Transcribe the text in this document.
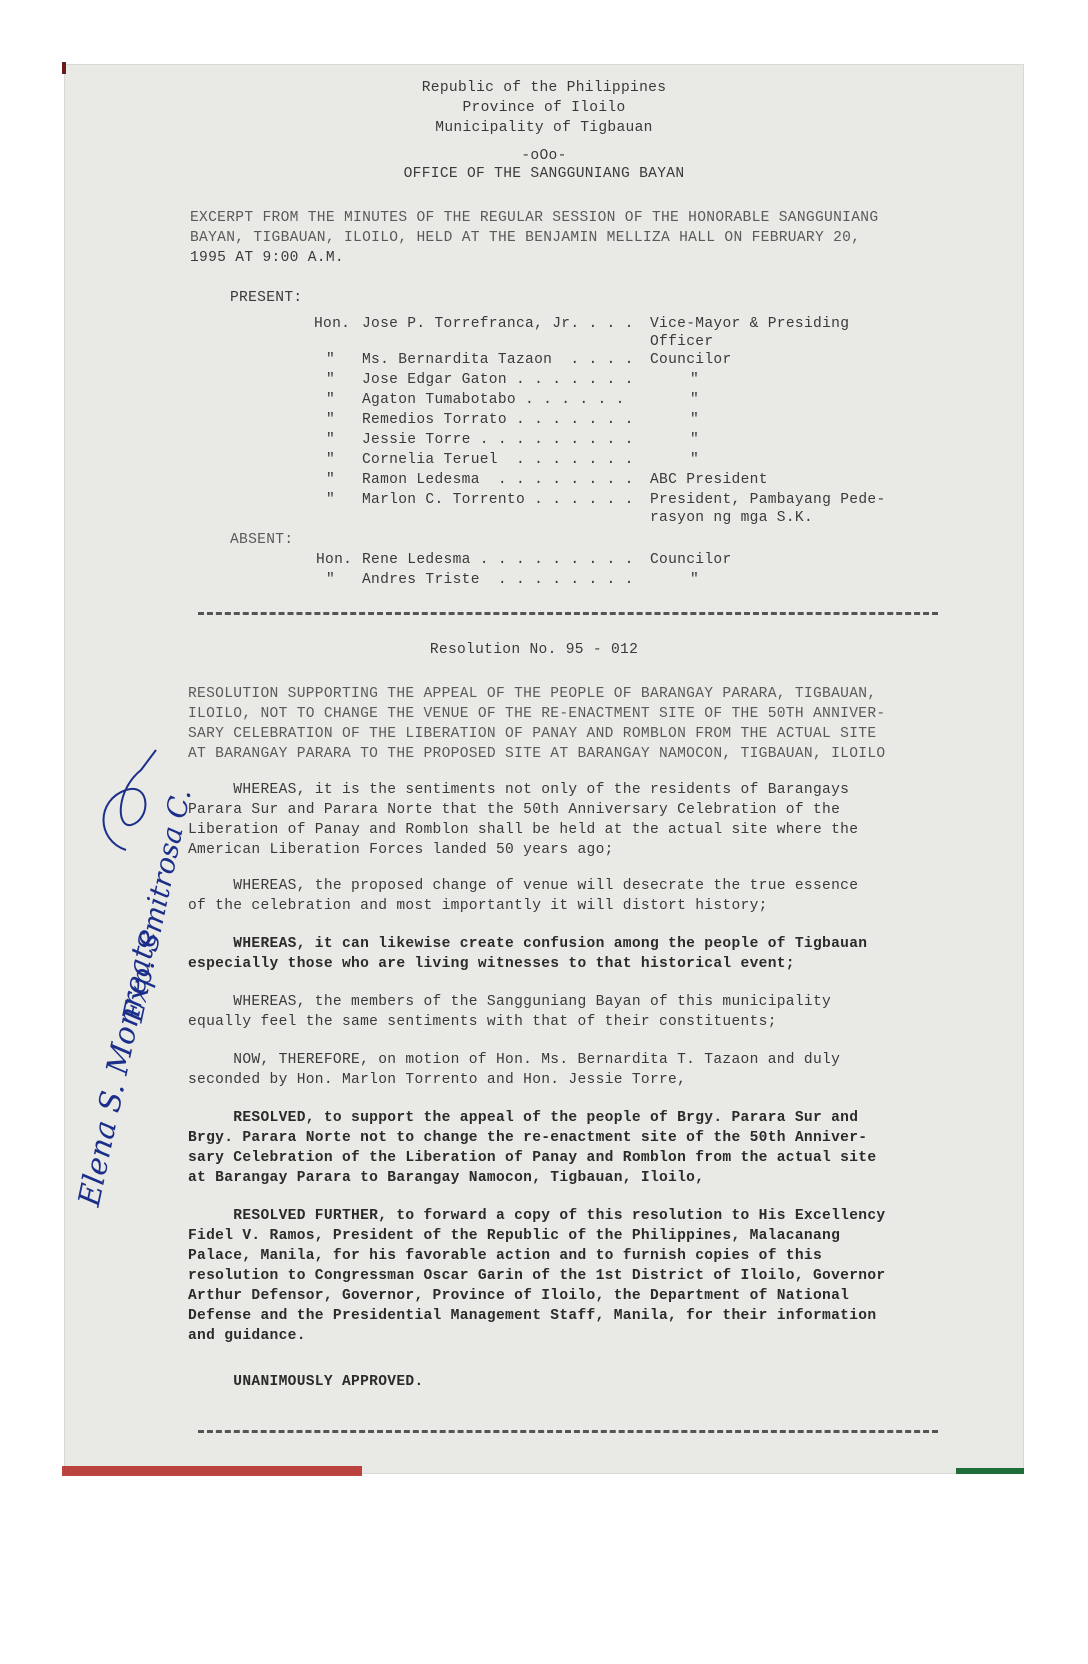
Republic of the Philippines
Province of Iloilo
Municipality of Tigbauan
-oOo-
OFFICE OF THE SANGGUNIANG BAYAN
EXCERPT FROM THE MINUTES OF THE REGULAR SESSION OF THE HONORABLE SANGGUNIANG
BAYAN, TIGBAUAN, ILOILO, HELD AT THE BENJAMIN MELLIZA HALL ON FEBRUARY 20,
1995 AT 9:00 A.M.
PRESENT:
Hon. Jose P. Torrefranca, Jr. . . . Vice-Mayor & Presiding
Officer
" Ms. Bernardita Tazaon  . . . . Councilor
" Jose Edgar Gaton . . . . . . .	"
" Agaton Tumabotabo . . . . . .	"
" Remedios Torrato . . . . . . .	"
" Jessie Torre . . . . . . . . .	"
" Cornelia Teruel  . . . . . . .	"
" Ramon Ledesma  . . . . . . . . ABC President
" Marlon C. Torrento . . . . . . President, Pambayang Pede-
rasyon ng mga S.K.
ABSENT:
Hon. Rene Ledesma . . . . . . . . . Councilor
" Andres Triste  . . . . . . . .	"
Resolution No. 95 - 012
RESOLUTION SUPPORTING THE APPEAL OF THE PEOPLE OF BARANGAY PARARA, TIGBAUAN,
ILOILO, NOT TO CHANGE THE VENUE OF THE RE-ENACTMENT SITE OF THE 50TH ANNIVER-
SARY CELEBRATION OF THE LIBERATION OF PANAY AND ROMBLON FROM THE ACTUAL SITE
AT BARANGAY PARARA TO THE PROPOSED SITE AT BARANGAY NAMOCON, TIGBAUAN, ILOILO
WHEREAS, it is the sentiments not only of the residents of Barangays
Parara Sur and Parara Norte that the 50th Anniversary Celebration of the
Liberation of Panay and Romblon shall be held at the actual site where the
American Liberation Forces landed 50 years ago;
WHEREAS, the proposed change of venue will desecrate the true essence
of the celebration and most importantly it will distort history;
WHEREAS, it can likewise create confusion among the people of Tigbauan
especially those who are living witnesses to that historical event;
WHEREAS, the members of the Sangguniang Bayan of this municipality
equally feel the same sentiments with that of their constituents;
NOW, THEREFORE, on motion of Hon. Ms. Bernardita T. Tazaon and duly
seconded by Hon. Marlon Torrento and Hon. Jessie Torre,
RESOLVED, to support the appeal of the people of Brgy. Parara Sur and
Brgy. Parara Norte not to change the re-enactment site of the 50th Anniver-
sary Celebration of the Liberation of Panay and Romblon from the actual site
at Barangay Parara to Barangay Namocon, Tigbauan, Iloilo,
RESOLVED FURTHER, to forward a copy of this resolution to His Excellency
Fidel V. Ramos, President of the Republic of the Philippines, Malacanang
Palace, Manila, for his favorable action and to furnish copies of this
resolution to Congressman Oscar Garin of the 1st District of Iloilo, Governor
Arthur Defensor, Governor, Province of Iloilo, the Department of National
Defense and the Presidential Management Staff, Manila, for their information
and guidance.
UNANIMOUSLY APPROVED.
Elena S. Monreate
Exp. Smitrosa C.
